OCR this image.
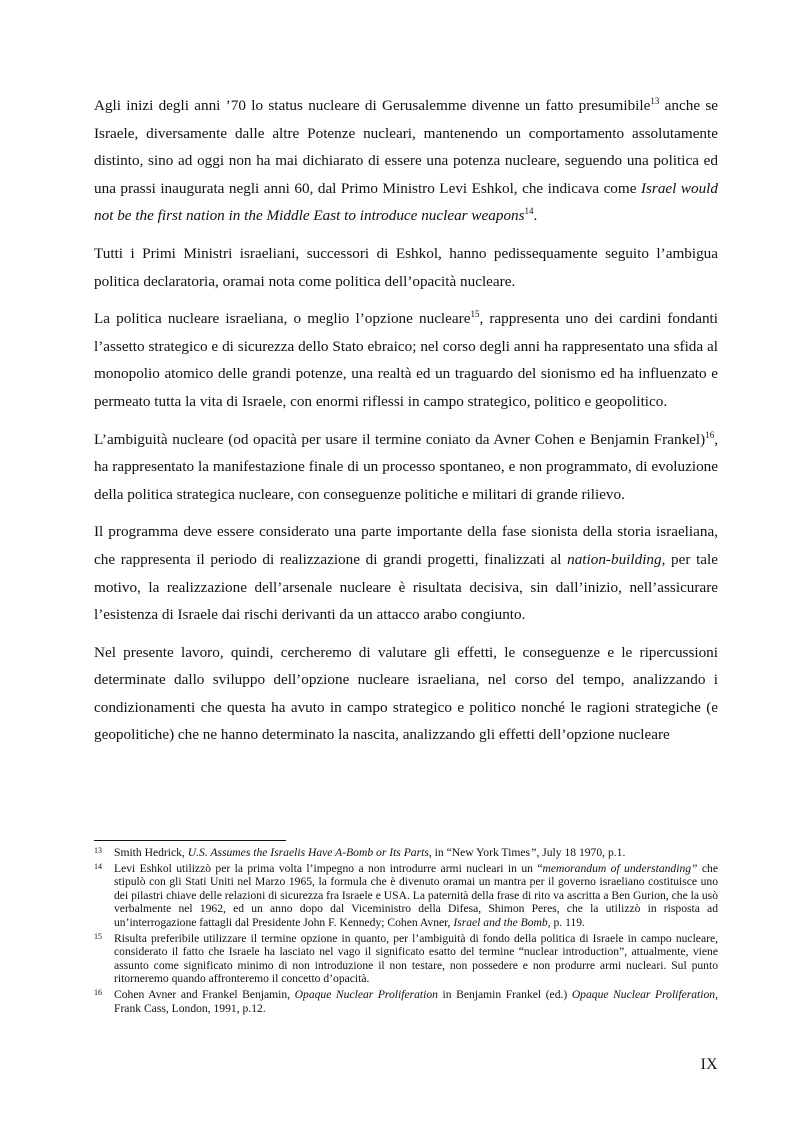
Agli inizi degli anni ’70 lo status nucleare di Gerusalemme divenne un fatto presumibile$^{13}$ anche se Israele, diversamente dalle altre Potenze nucleari, mantenendo un comportamento assolutamente distinto, sino ad oggi non ha mai dichiarato di essere una potenza nucleare, seguendo una politica ed una prassi inaugurata negli anni 60, dal Primo Ministro Levi Eshkol, che indicava come Israel would not be the first nation in the Middle East to introduce nuclear weapons$^{14}$.

Tutti i Primi Ministri israeliani, successori di Eshkol, hanno pedissequamente seguito l’ambigua politica declaratoria, oramai nota come politica dell’opacità nucleare.

La politica nucleare israeliana, o meglio l’opzione nucleare$^{15}$, rappresenta uno dei cardini fondanti l’assetto strategico e di sicurezza dello Stato ebraico; nel corso degli anni ha rappresentato una sfida al monopolio atomico delle grandi potenze, una realtà ed un traguardo del sionismo ed ha influenzato e permeato tutta la vita di Israele, con enormi riflessi in campo strategico, politico e geopolitico.

L’ambiguità nucleare (od opacità per usare il termine coniato da Avner Cohen e Benjamin Frankel)$^{16}$, ha rappresentato la manifestazione finale di un processo spontaneo, e non programmato, di evoluzione della politica strategica nucleare, con conseguenze politiche e militari di grande rilievo.

Il programma deve essere considerato una parte importante della fase sionista della storia israeliana, che rappresenta il periodo di realizzazione di grandi progetti, finalizzati al nation-building, per tale motivo, la realizzazione dell’arsenale nucleare è risultata decisiva, sin dall’inizio, nell’assicurare l’esistenza di Israele dai rischi derivanti da un attacco arabo congiunto.

Nel presente lavoro, quindi, cercheremo di valutare gli effetti, le conseguenze e le ripercussioni determinate dallo sviluppo dell’opzione nucleare israeliana, nel corso del tempo, analizzando i condizionamenti che questa ha avuto in campo strategico e politico nonché le ragioni strategiche (e geopolitiche) che ne hanno determinato la nascita, analizzando gli effetti dell’opzione nucleare

13	Smith Hedrick, U.S. Assumes the Israelis Have A-Bomb or Its Parts, in “New York Times”, July 18 1970, p.1.
14	Levi Eshkol utilizzò per la prima volta l’impegno a non introdurre armi nucleari in un “memorandum of understanding” che stipulò con gli Stati Uniti nel Marzo 1965, la formula che è divenuto oramai un mantra per il governo israeliano costituisce uno dei pilastri chiave delle relazioni di sicurezza fra Israele e USA. La paternità della frase di rito va ascritta a Ben Gurion, che la usò verbalmente nel 1962, ed un anno dopo dal Viceministro della Difesa, Shimon Peres, che la utilizzò in risposta ad un’interrogazione fattagli dal Presidente John F. Kennedy; Cohen Avner, Israel and the Bomb, p. 119.
15	Risulta preferibile utilizzare il termine opzione in quanto, per l’ambiguità di fondo della politica di Israele in campo nucleare, considerato il fatto che Israele ha lasciato nel vago il significato esatto del termine “nuclear introduction”, attualmente, viene assunto come significato minimo di non introduzione il non testare, non possedere e non produrre armi nucleari. Sul punto ritorneremo quando affronteremo il concetto d’opacità.
16	Cohen Avner and Frankel Benjamin, Opaque Nuclear Proliferation in Benjamin Frankel (ed.) Opaque Nuclear Proliferation, Frank Cass, London, 1991, p.12.
IX
